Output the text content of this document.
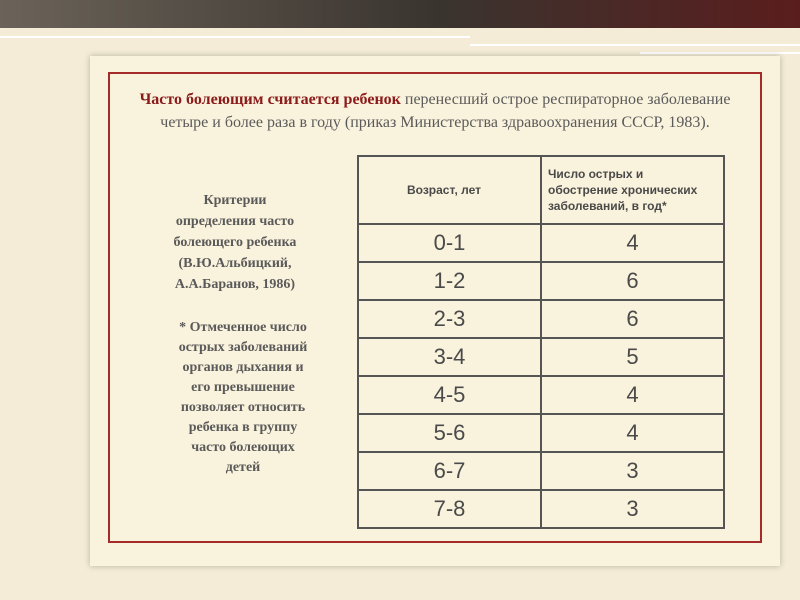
Часто болеющим считается ребенок перенесший острое респираторное заболевание четыре и более раза в году (приказ Министерства здравоохранения СССР, 1983).
Критерии
определения часто
болеющего ребенка
(В.Ю.Альбицкий,
А.А.Баранов, 1986)
* Отмеченное число
острых заболеваний
органов дыхания и
его превышение
позволяет относить
ребенка в группу
часто болеющих
детей
Возраст, лет	Число острых и
обострение хронических
заболеваний, в год*

0-1	4
1-2	6
2-3	6
3-4	5
4-5	4
5-6	4
6-7	3
7-8	3
